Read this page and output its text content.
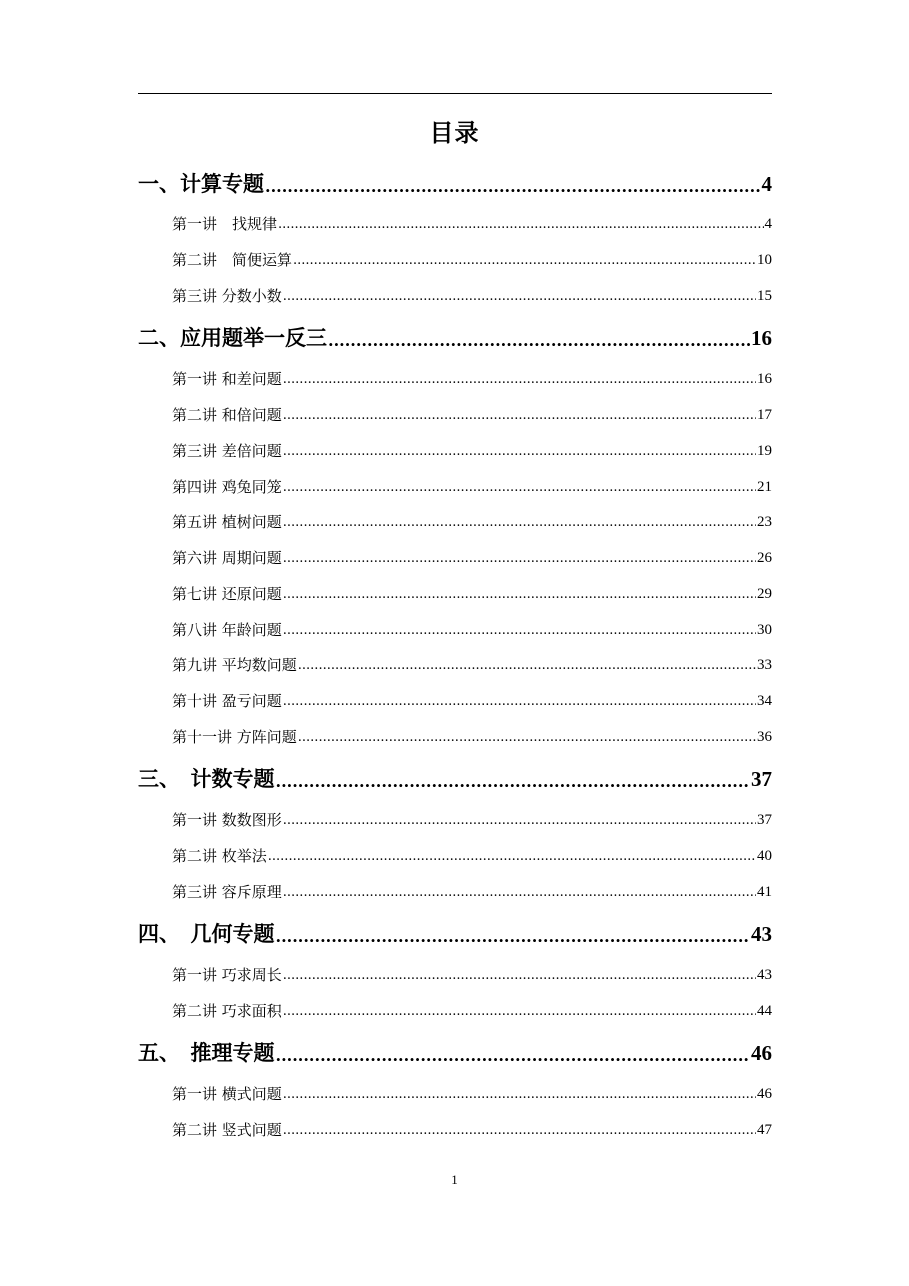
目录
一、计算专题 .....	4
第一讲　找规律 .....	4
第二讲　简便运算 .....	10
第三讲 分数小数 .....	15
二、应用题举一反三 .....	16
第一讲 和差问题 .....	16
第二讲 和倍问题 .....	17
第三讲 差倍问题 .....	19
第四讲 鸡兔同笼 .....	21
第五讲 植树问题 .....	23
第六讲 周期问题 .....	26
第七讲 还原问题 .....	29
第八讲 年龄问题 .....	30
第九讲 平均数问题 .....	33
第十讲 盈亏问题 .....	34
第十一讲 方阵问题 .....	36
三、　计数专题 .....	37
第一讲 数数图形 .....	37
第二讲 枚举法 .....	40
第三讲 容斥原理 .....	41
四、　几何专题 .....	43
第一讲 巧求周长 .....	43
第二讲 巧求面积 .....	44
五、　推理专题 .....	46
第一讲 横式问题 .....	46
第二讲 竖式问题 .....	47
1
